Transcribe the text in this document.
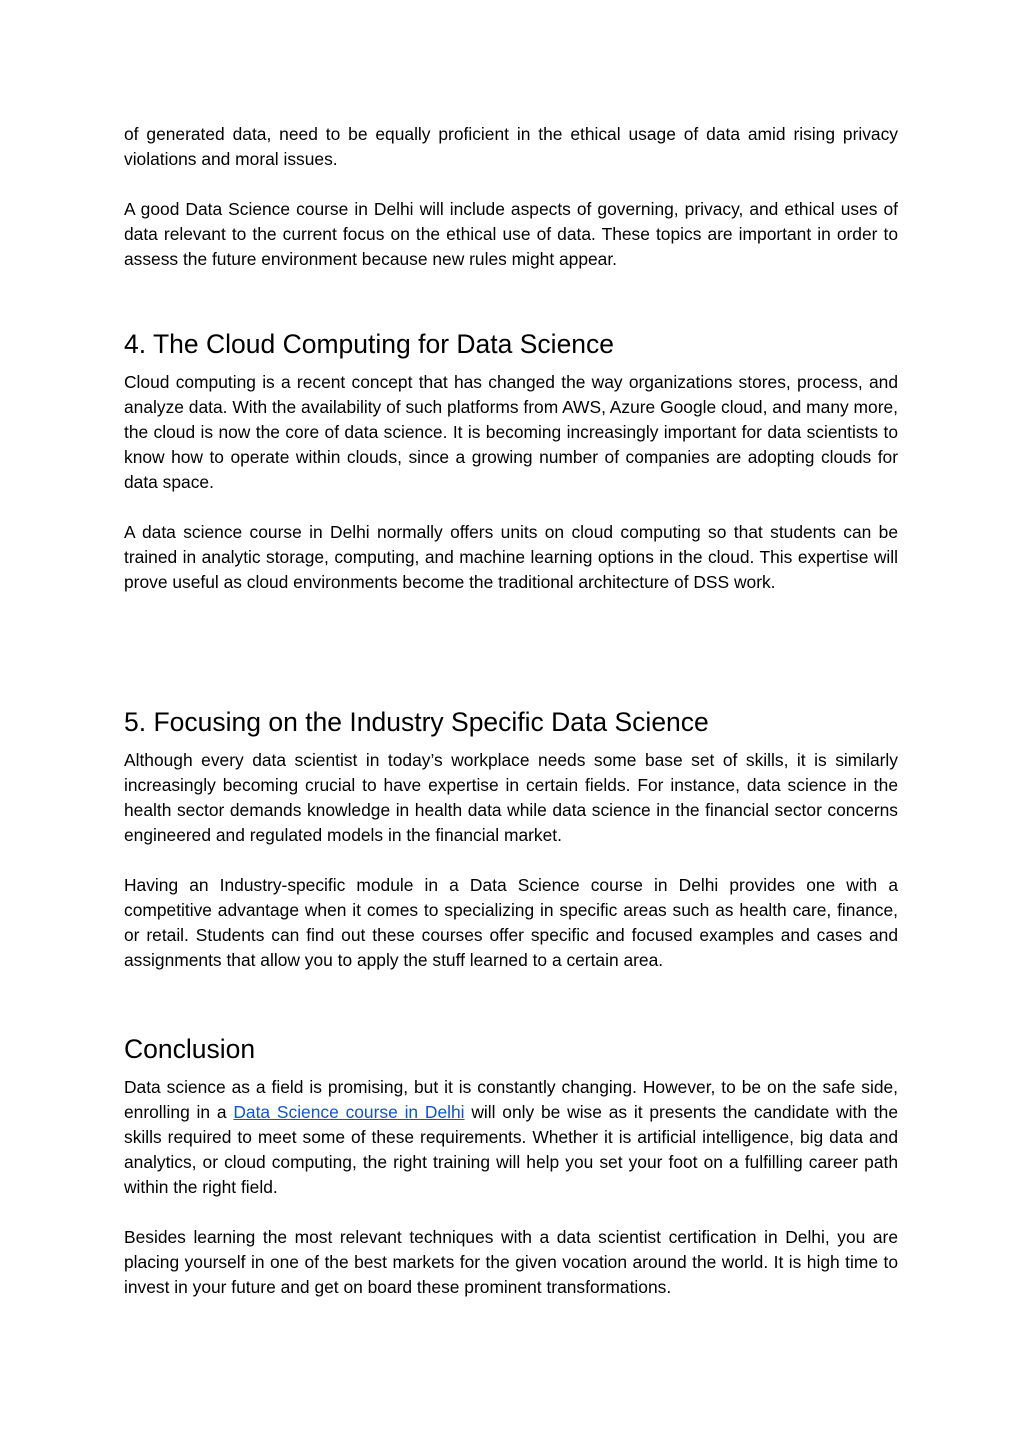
of generated data, need to be equally proficient in the ethical usage of data amid rising privacy violations and moral issues.

A good Data Science course in Delhi will include aspects of governing, privacy, and ethical uses of data relevant to the current focus on the ethical use of data. These topics are important in order to assess the future environment because new rules might appear.

4. The Cloud Computing for Data Science

Cloud computing is a recent concept that has changed the way organizations stores, process, and analyze data. With the availability of such platforms from AWS, Azure Google cloud, and many more, the cloud is now the core of data science. It is becoming increasingly important for data scientists to know how to operate within clouds, since a growing number of companies are adopting clouds for data space.

A data science course in Delhi normally offers units on cloud computing so that students can be trained in analytic storage, computing, and machine learning options in the cloud. This expertise will prove useful as cloud environments become the traditional architecture of DSS work.

5. Focusing on the Industry Specific Data Science

Although every data scientist in today’s workplace needs some base set of skills, it is similarly increasingly becoming crucial to have expertise in certain fields. For instance, data science in the health sector demands knowledge in health data while data science in the financial sector concerns engineered and regulated models in the financial market.

Having an Industry-specific module in a Data Science course in Delhi provides one with a competitive advantage when it comes to specializing in specific areas such as health care, finance, or retail. Students can find out these courses offer specific and focused examples and cases and assignments that allow you to apply the stuff learned to a certain area.

Conclusion

Data science as a field is promising, but it is constantly changing. However, to be on the safe side, enrolling in a Data Science course in Delhi will only be wise as it presents the candidate with the skills required to meet some of these requirements. Whether it is artificial intelligence, big data and analytics, or cloud computing, the right training will help you set your foot on a fulfilling career path within the right field.

Besides learning the most relevant techniques with a data scientist certification in Delhi, you are placing yourself in one of the best markets for the given vocation around the world. It is high time to invest in your future and get on board these prominent transformations.
